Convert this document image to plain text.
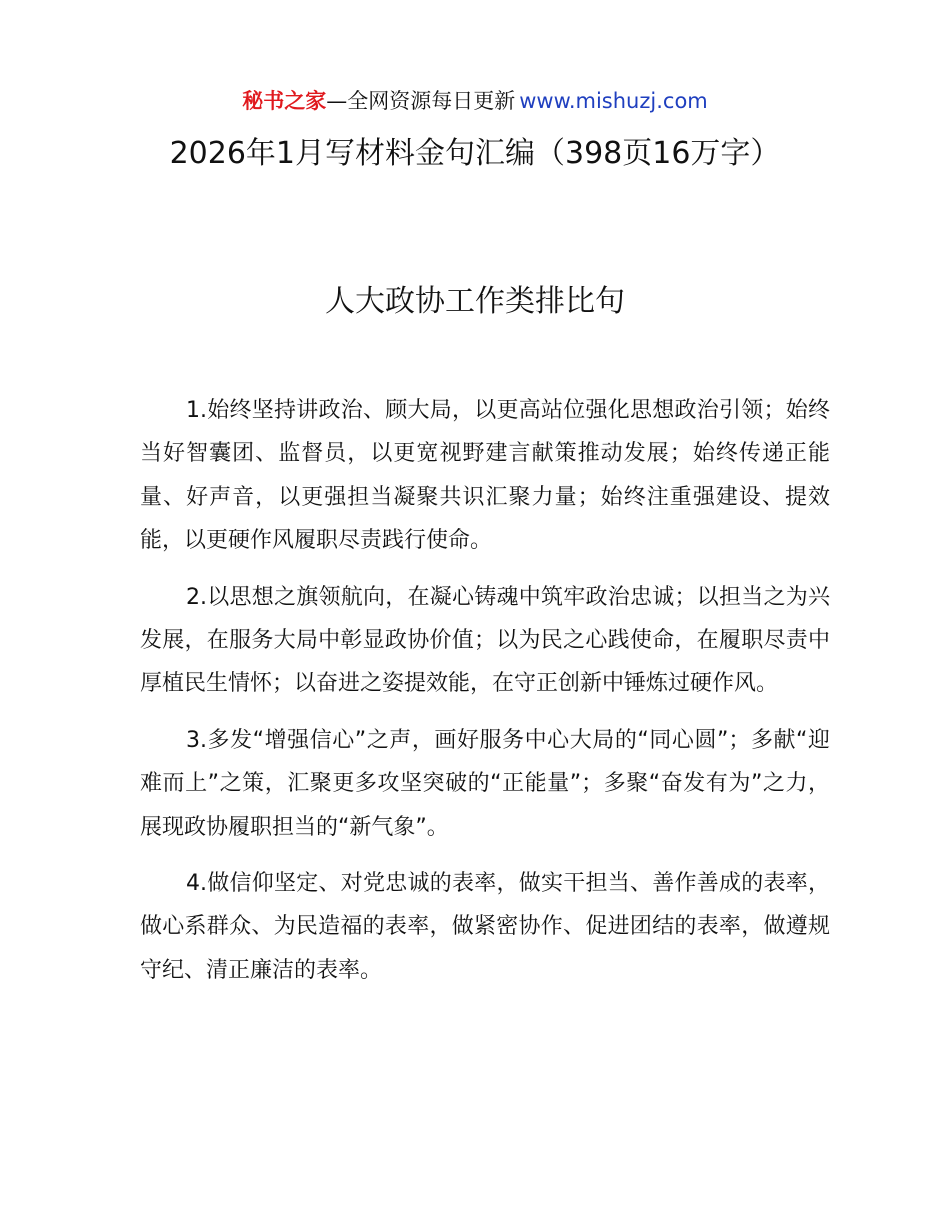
秘书之家—全网资源每日更新 www.mishuzj.com
2026年1月写材料金句汇编（398页16万字）
人大政协工作类排比句

1.始终坚持讲政治、顾大局，以更高站位强化思想政治引领；始终当好智囊团、监督员，以更宽视野建言献策推动发展；始终传递正能量、好声音，以更强担当凝聚共识汇聚力量；始终注重强建设、提效能，以更硬作风履职尽责践行使命。

2.以思想之旗领航向，在凝心铸魂中筑牢政治忠诚；以担当之为兴发展，在服务大局中彰显政协价值；以为民之心践使命，在履职尽责中厚植民生情怀；以奋进之姿提效能，在守正创新中锤炼过硬作风。

3.多发“增强信心”之声，画好服务中心大局的“同心圆”；多献“迎难而上”之策，汇聚更多攻坚突破的“正能量”；多聚“奋发有为”之力，展现政协履职担当的“新气象”。

4.做信仰坚定、对党忠诚的表率，做实干担当、善作善成的表率，做心系群众、为民造福的表率，做紧密协作、促进团结的表率，做遵规守纪、清正廉洁的表率。
